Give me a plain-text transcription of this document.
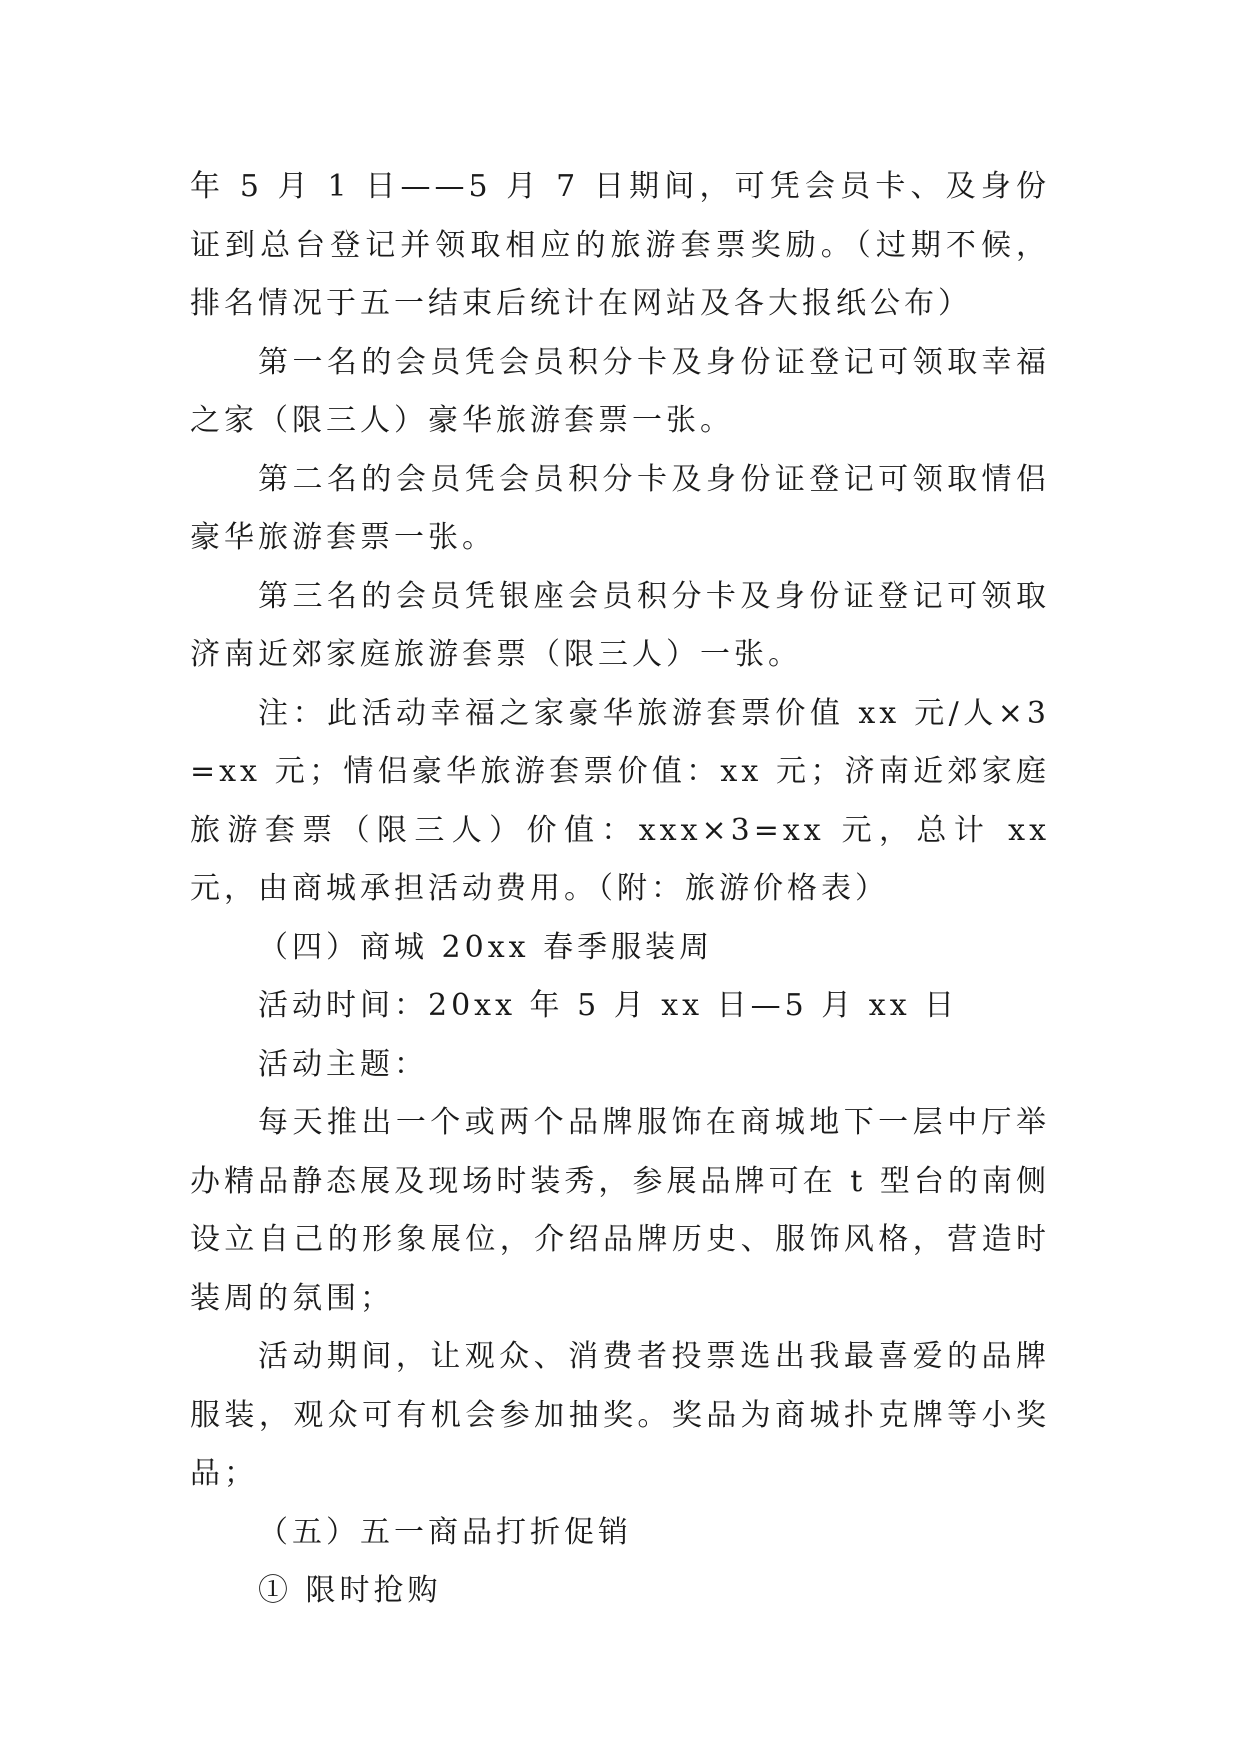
年 5 月 1 日——5 月 7 日期间，可凭会员卡、及身份证到总台登记并领取相应的旅游套票奖励。（过期不候，排名情况于五一结束后统计在网站及各大报纸公布）

第一名的会员凭会员积分卡及身份证登记可领取幸福之家（限三人）豪华旅游套票一张。

第二名的会员凭会员积分卡及身份证登记可领取情侣豪华旅游套票一张。

第三名的会员凭银座会员积分卡及身份证登记可领取济南近郊家庭旅游套票（限三人）一张。

注：此活动幸福之家豪华旅游套票价值 xx 元/人×3=xx 元；情侣豪华旅游套票价值：xx 元；济南近郊家庭旅游套票（限三人）价值：xxx×3=xx 元，总计 xx 元，由商城承担活动费用。（附：旅游价格表）

（四）商城 20xx 春季服装周

活动时间：20xx 年 5 月 xx 日—5 月 xx 日

活动主题：

每天推出一个或两个品牌服饰在商城地下一层中厅举办精品静态展及现场时装秀，参展品牌可在 t 型台的南侧设立自己的形象展位，介绍品牌历史、服饰风格，营造时装周的氛围；

活动期间，让观众、消费者投票选出我最喜爱的品牌服装，观众可有机会参加抽奖。奖品为商城扑克牌等小奖品；

（五）五一商品打折促销

① 限时抢购
